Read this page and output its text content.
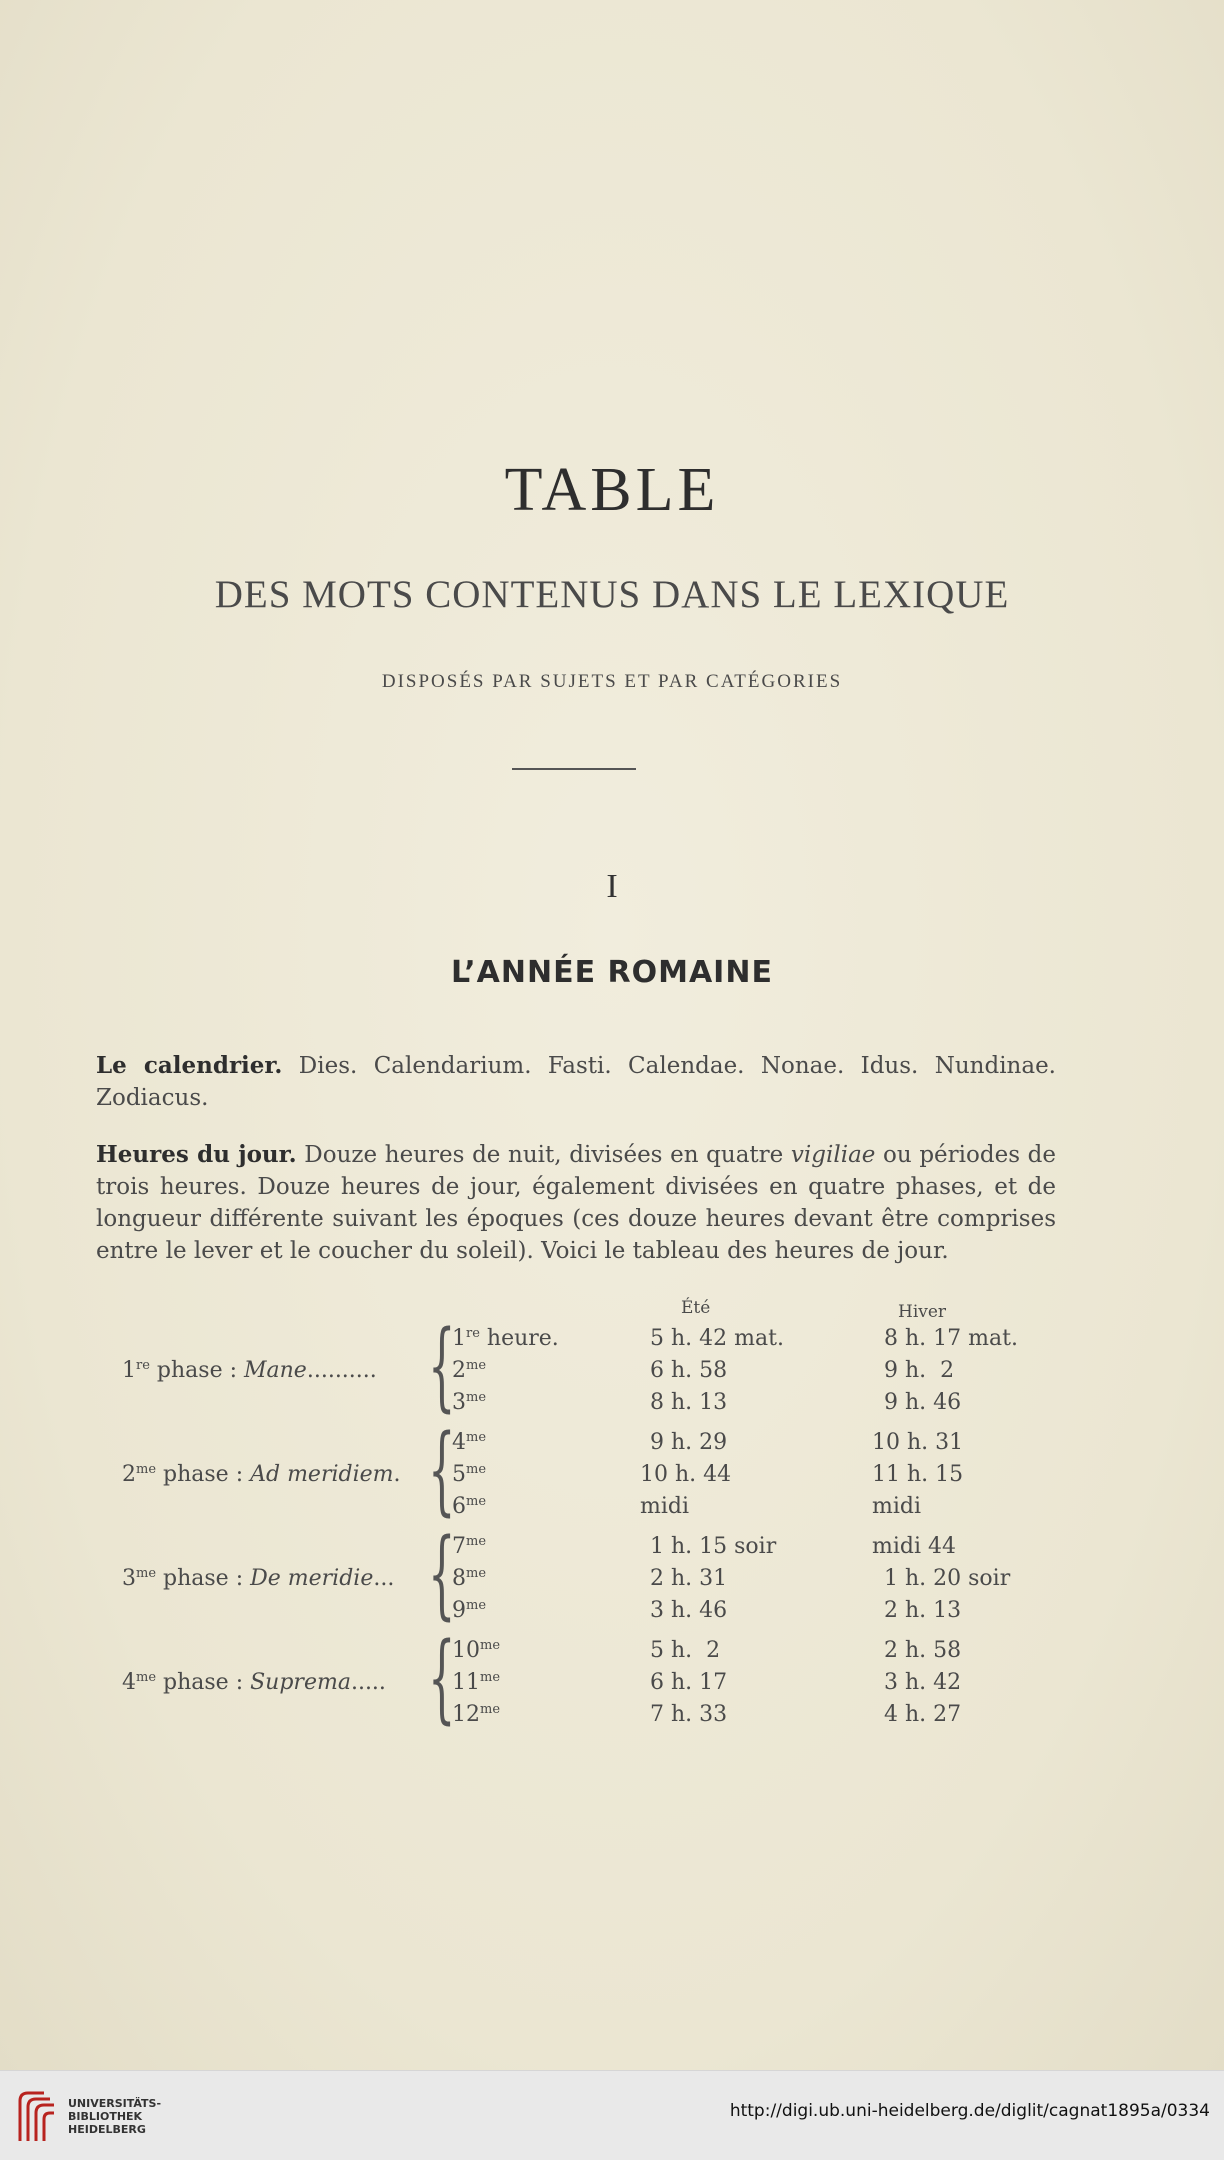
TABLE
DES MOTS CONTENUS DANS LE LEXIQUE
DISPOSÉS PAR SUJETS ET PAR CATÉGORIES
I
L’ANNÉE ROMAINE

Le calendrier. Dies. Calendarium. Fasti. Calendae. Nonae. Idus. Nundinae. Zodiacus.

Heures du jour. Douze heures de nuit, divisées en quatre vigiliae ou périodes de trois heures. Douze heures de jour, également divisées en quatre phases, et de longueur différente suivant les époques (ces douze heures devant être comprises entre le lever et le coucher du soleil). Voici le tableau des heures de jour.

Été	Hiver
1re phase : Mane.......... {
1re heure.	5 h. 42 mat.	8 h. 17 mat.
$2^{me}$	6 h. 58	9 h.  2
$3^{me}$	8 h. 13	9 h. 46
$2^{me}$ phase : Ad meridiem. {
$4^{me}$	9 h. 29	10 h. 31
$5^{me}$	10 h. 44	11 h. 15
$6^{me}$	midi	midi
$3^{me}$ phase : De meridie... {
$7^{me}$	1 h. 15 soir	midi 44
$8^{me}$	2 h. 31	1 h. 20 soir
$9^{me}$	3 h. 46	2 h. 13
$4^{me}$ phase : Suprema..... {
$10^{me}$	5 h.  2	2 h. 58
$11^{me}$	6 h. 17	3 h. 42
$12^{me}$	7 h. 33	4 h. 27
UNIVERSITÄTS-
BIBLIOTHEK
HEIDELBERG
http://digi.ub.uni-heidelberg.de/diglit/cagnat1895a/0334
